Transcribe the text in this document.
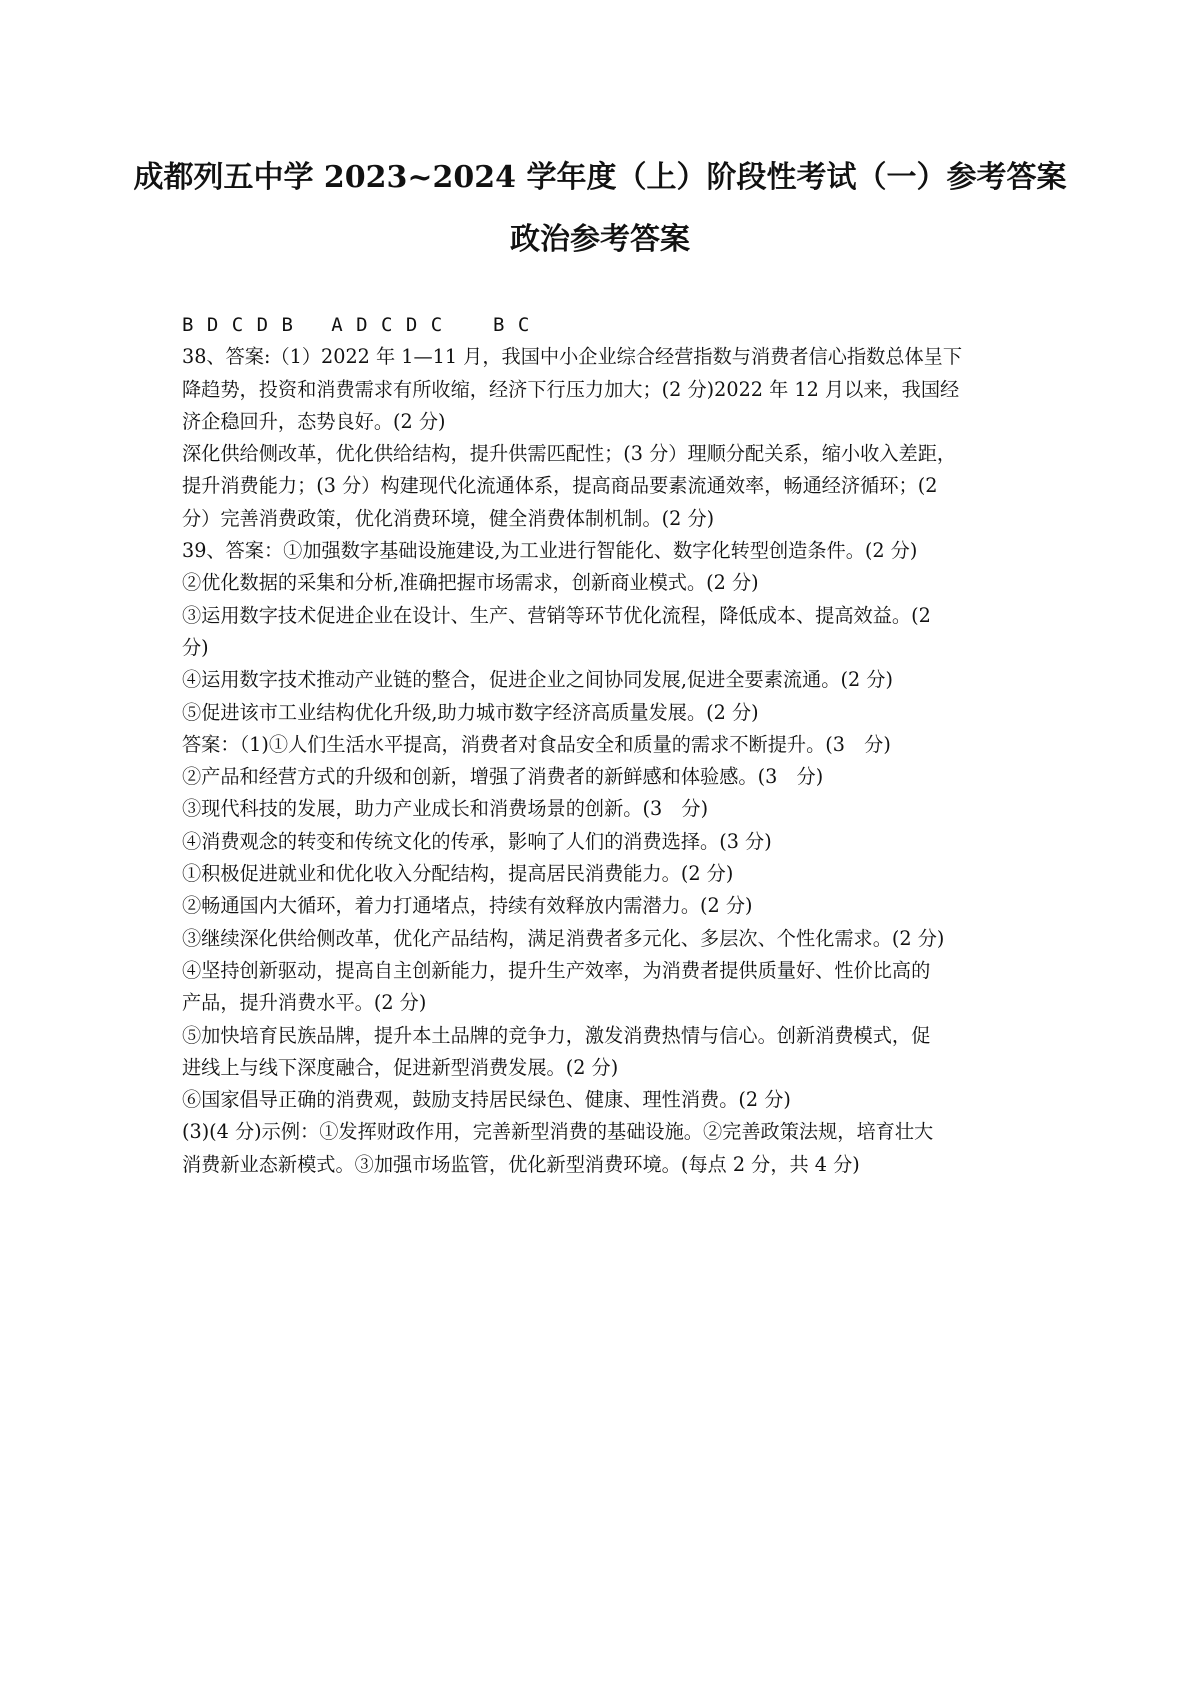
成都列五中学 2023~2024 学年度（上）阶段性考试（一）参考答案
政治参考答案
B D C D B   A D C D C    B C
38、答案:（1）2022 年 1—11 月，我国中小企业综合经营指数与消费者信心指数总体呈下
降趋势，投资和消费需求有所收缩，经济下行压力加大；(2 分)2022 年 12 月以来，我国经
济企稳回升，态势良好。(2 分)
深化供给侧改革，优化供给结构，提升供需匹配性；(3 分）理顺分配关系，缩小收入差距，
提升消费能力；(3 分）构建现代化流通体系，提高商品要素流通效率，畅通经济循环；(2
分）完善消费政策，优化消费环境，健全消费体制机制。(2 分)
39、答案：①加强数字基础设施建设,为工业进行智能化、数字化转型创造条件。(2 分)
②优化数据的采集和分析,准确把握市场需求，创新商业模式。(2 分)
③运用数字技术促进企业在设计、生产、营销等环节优化流程，降低成本、提高效益。(2
分)
④运用数字技术推动产业链的整合，促进企业之间协同发展,促进全要素流通。(2 分)
⑤促进该市工业结构优化升级,助力城市数字经济高质量发展。(2 分)
答案：（1)①人们生活水平提高，消费者对食品安全和质量的需求不断提升。(3　分)
②产品和经营方式的升级和创新，增强了消费者的新鲜感和体验感。(3　分)
③现代科技的发展，助力产业成长和消费场景的创新。(3　分)
④消费观念的转变和传统文化的传承，影响了人们的消费选择。(3 分)
①积极促进就业和优化收入分配结构，提高居民消费能力。(2 分)
②畅通国内大循环，着力打通堵点，持续有效释放内需潜力。(2 分)
③继续深化供给侧改革，优化产品结构，满足消费者多元化、多层次、个性化需求。(2 分)
④坚持创新驱动，提高自主创新能力，提升生产效率，为消费者提供质量好、性价比高的
产品，提升消费水平。(2 分)
⑤加快培育民族品牌，提升本土品牌的竞争力，激发消费热情与信心。创新消费模式，促
进线上与线下深度融合，促进新型消费发展。(2 分)
⑥国家倡导正确的消费观，鼓励支持居民绿色、健康、理性消费。(2 分)
(3)(4 分)示例：①发挥财政作用，完善新型消费的基础设施。②完善政策法规，培育壮大
消费新业态新模式。③加强市场监管，优化新型消费环境。(每点 2 分，共 4 分)
